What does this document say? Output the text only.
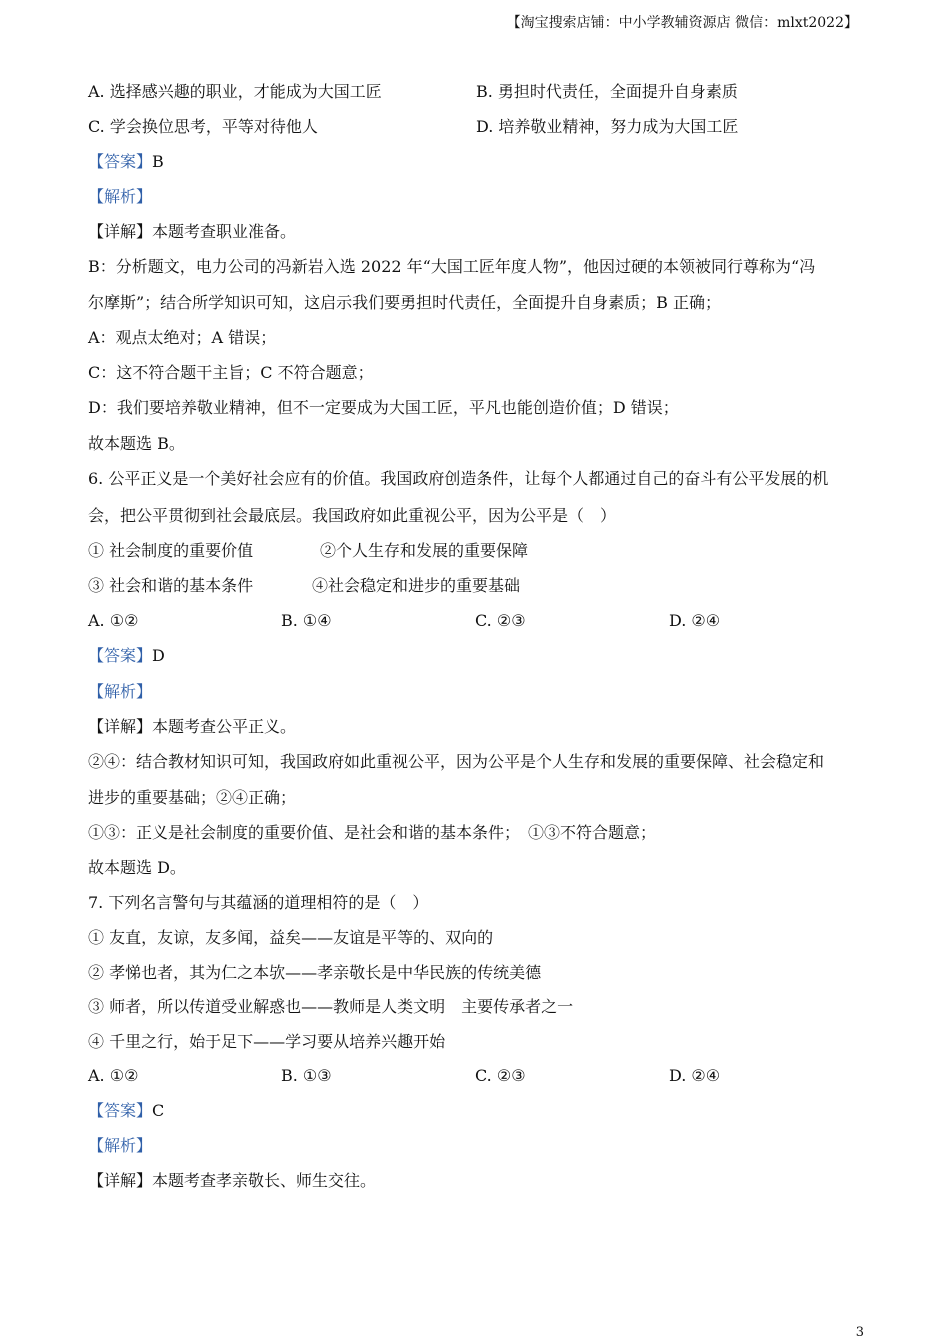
【淘宝搜索店铺：中小学教辅资源店 微信：mlxt2022】
A. 选择感兴趣的职业，才能成为大国工匠	B. 勇担时代责任，全面提升自身素质
C. 学会换位思考，平等对待他人	D. 培养敬业精神，努力成为大国工匠
【答案】B
【解析】
【详解】本题考查职业准备。
B：分析题文，电力公司的冯新岩入选 2022 年“大国工匠年度人物”，他因过硬的本领被同行尊称为“冯
尔摩斯”；结合所学知识可知，这启示我们要勇担时代责任，全面提升自身素质；B 正确；
A：观点太绝对；A 错误；
C：这不符合题干主旨；C 不符合题意；
D：我们要培养敬业精神，但不一定要成为大国工匠，平凡也能创造价值；D 错误；
故本题选 B。
6. 公平正义是一个美好社会应有的价值。我国政府创造条件，让每个人都通过自己的奋斗有公平发展的机
会，把公平贯彻到社会最底层。我国政府如此重视公平，因为公平是（　）
① 社会制度的重要价值	②个人生存和发展的重要保障
③ 社会和谐的基本条件	④社会稳定和进步的重要基础
A. ①②	B. ①④	C. ②③	D. ②④
【答案】D
【解析】
【详解】本题考查公平正义。
②④：结合教材知识可知，我国政府如此重视公平，因为公平是个人生存和发展的重要保障、社会稳定和
进步的重要基础；②④正确；
①③：正义是社会制度的重要价值、是社会和谐的基本条件；　①③不符合题意；
故本题选 D。
7. 下列名言警句与其蕴涵的道理相符的是（　）
① 友直，友谅，友多闻，益矣——友谊是平等的、双向的
② 孝悌也者，其为仁之本欤——孝亲敬长是中华民族的传统美德
③ 师者，所以传道受业解惑也——教师是人类文明　主要传承者之一
④ 千里之行，始于足下——学习要从培养兴趣开始
A. ①②	B. ①③	C. ②③	D. ②④
【答案】C
【解析】
【详解】本题考查孝亲敬长、师生交往。
3
